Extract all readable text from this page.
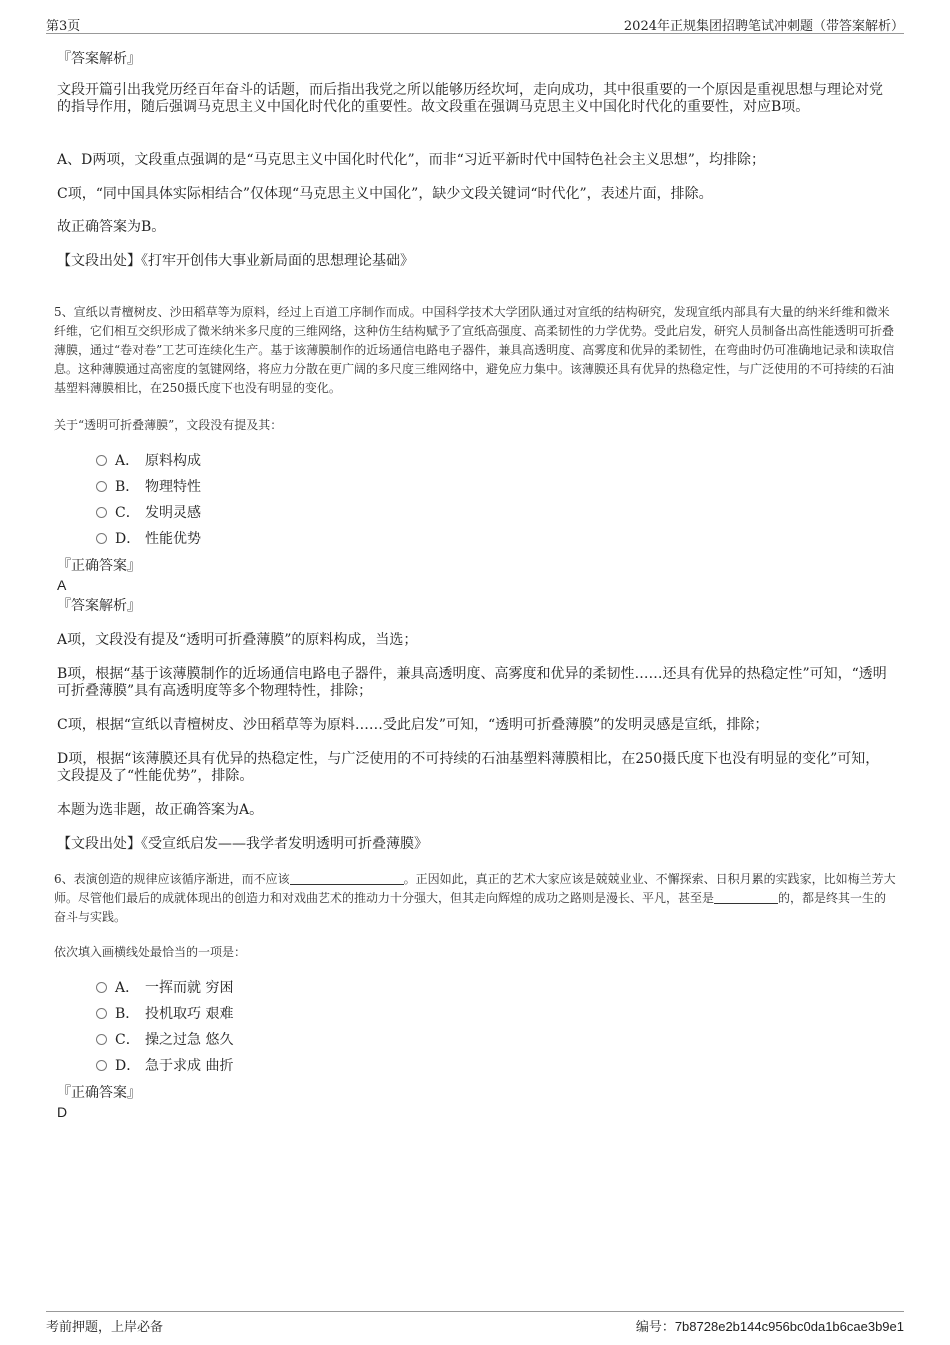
第3页	2024年正规集团招聘笔试冲刺题（带答案解析）
『答案解析』
文段开篇引出我党历经百年奋斗的话题，而后指出我党之所以能够历经坎坷，走向成功，其中很重要的一个原因是重视思想与理论对党的指导作用，随后强调马克思主义中国化时代化的重要性。故文段重在强调马克思主义中国化时代化的重要性，对应B项。
A、D两项，文段重点强调的是“马克思主义中国化时代化”，而非“习近平新时代中国特色社会主义思想”，均排除；
C项，“同中国具体实际相结合”仅体现“马克思主义中国化”，缺少文段关键词“时代化”，表述片面，排除。
故正确答案为B。
【文段出处】《打牢开创伟大事业新局面的思想理论基础》
5、宣纸以青檀树皮、沙田稻草等为原料，经过上百道工序制作而成。中国科学技术大学团队通过对宣纸的结构研究，发现宣纸内部具有大量的纳米纤维和微米纤维，它们相互交织形成了微米纳米多尺度的三维网络，这种仿生结构赋予了宣纸高强度、高柔韧性的力学优势。受此启发，研究人员制备出高性能透明可折叠薄膜，通过“卷对卷”工艺可连续化生产。基于该薄膜制作的近场通信电路电子器件，兼具高透明度、高雾度和优异的柔韧性，在弯曲时仍可准确地记录和读取信息。这种薄膜通过高密度的氢键网络，将应力分散在更广阔的多尺度三维网络中，避免应力集中。该薄膜还具有优异的热稳定性，与广泛使用的不可持续的石油基塑料薄膜相比，在250摄氏度下也没有明显的变化。
关于“透明可折叠薄膜”，文段没有提及其：
A． 原料构成
B． 物理特性
C． 发明灵感
D． 性能优势
『正确答案』
A
『答案解析』
A项，文段没有提及“透明可折叠薄膜”的原料构成，当选；
B项，根据“基于该薄膜制作的近场通信电路电子器件，兼具高透明度、高雾度和优异的柔韧性……还具有优异的热稳定性”可知，“透明可折叠薄膜”具有高透明度等多个物理特性，排除；
C项，根据“宣纸以青檀树皮、沙田稻草等为原料……受此启发”可知，“透明可折叠薄膜”的发明灵感是宣纸，排除；
D项，根据“该薄膜还具有优异的热稳定性，与广泛使用的不可持续的石油基塑料薄膜相比，在250摄氏度下也没有明显的变化”可知，文段提及了“性能优势”，排除。
本题为选非题，故正确答案为A。
【文段出处】《受宣纸启发——我学者发明透明可折叠薄膜》
6、表演创造的规律应该循序渐进，而不应该	。正因如此，真正的艺术大家应该是兢兢业业、不懈探索、日积月累的实践家，比如梅兰芳大师。尽管他们最后的成就体现出的创造力和对戏曲艺术的推动力十分强大，但其走向辉煌的成功之路则是漫长、平凡，甚至是	的，都是终其一生的奋斗与实践。
依次填入画横线处最恰当的一项是：
A． 一挥而就 穷困
B． 投机取巧 艰难
C． 操之过急 悠久
D． 急于求成 曲折
『正确答案』
D
考前押题，上岸必备	编号：7b8728e2b144c956bc0da1b6cae3b9e1
